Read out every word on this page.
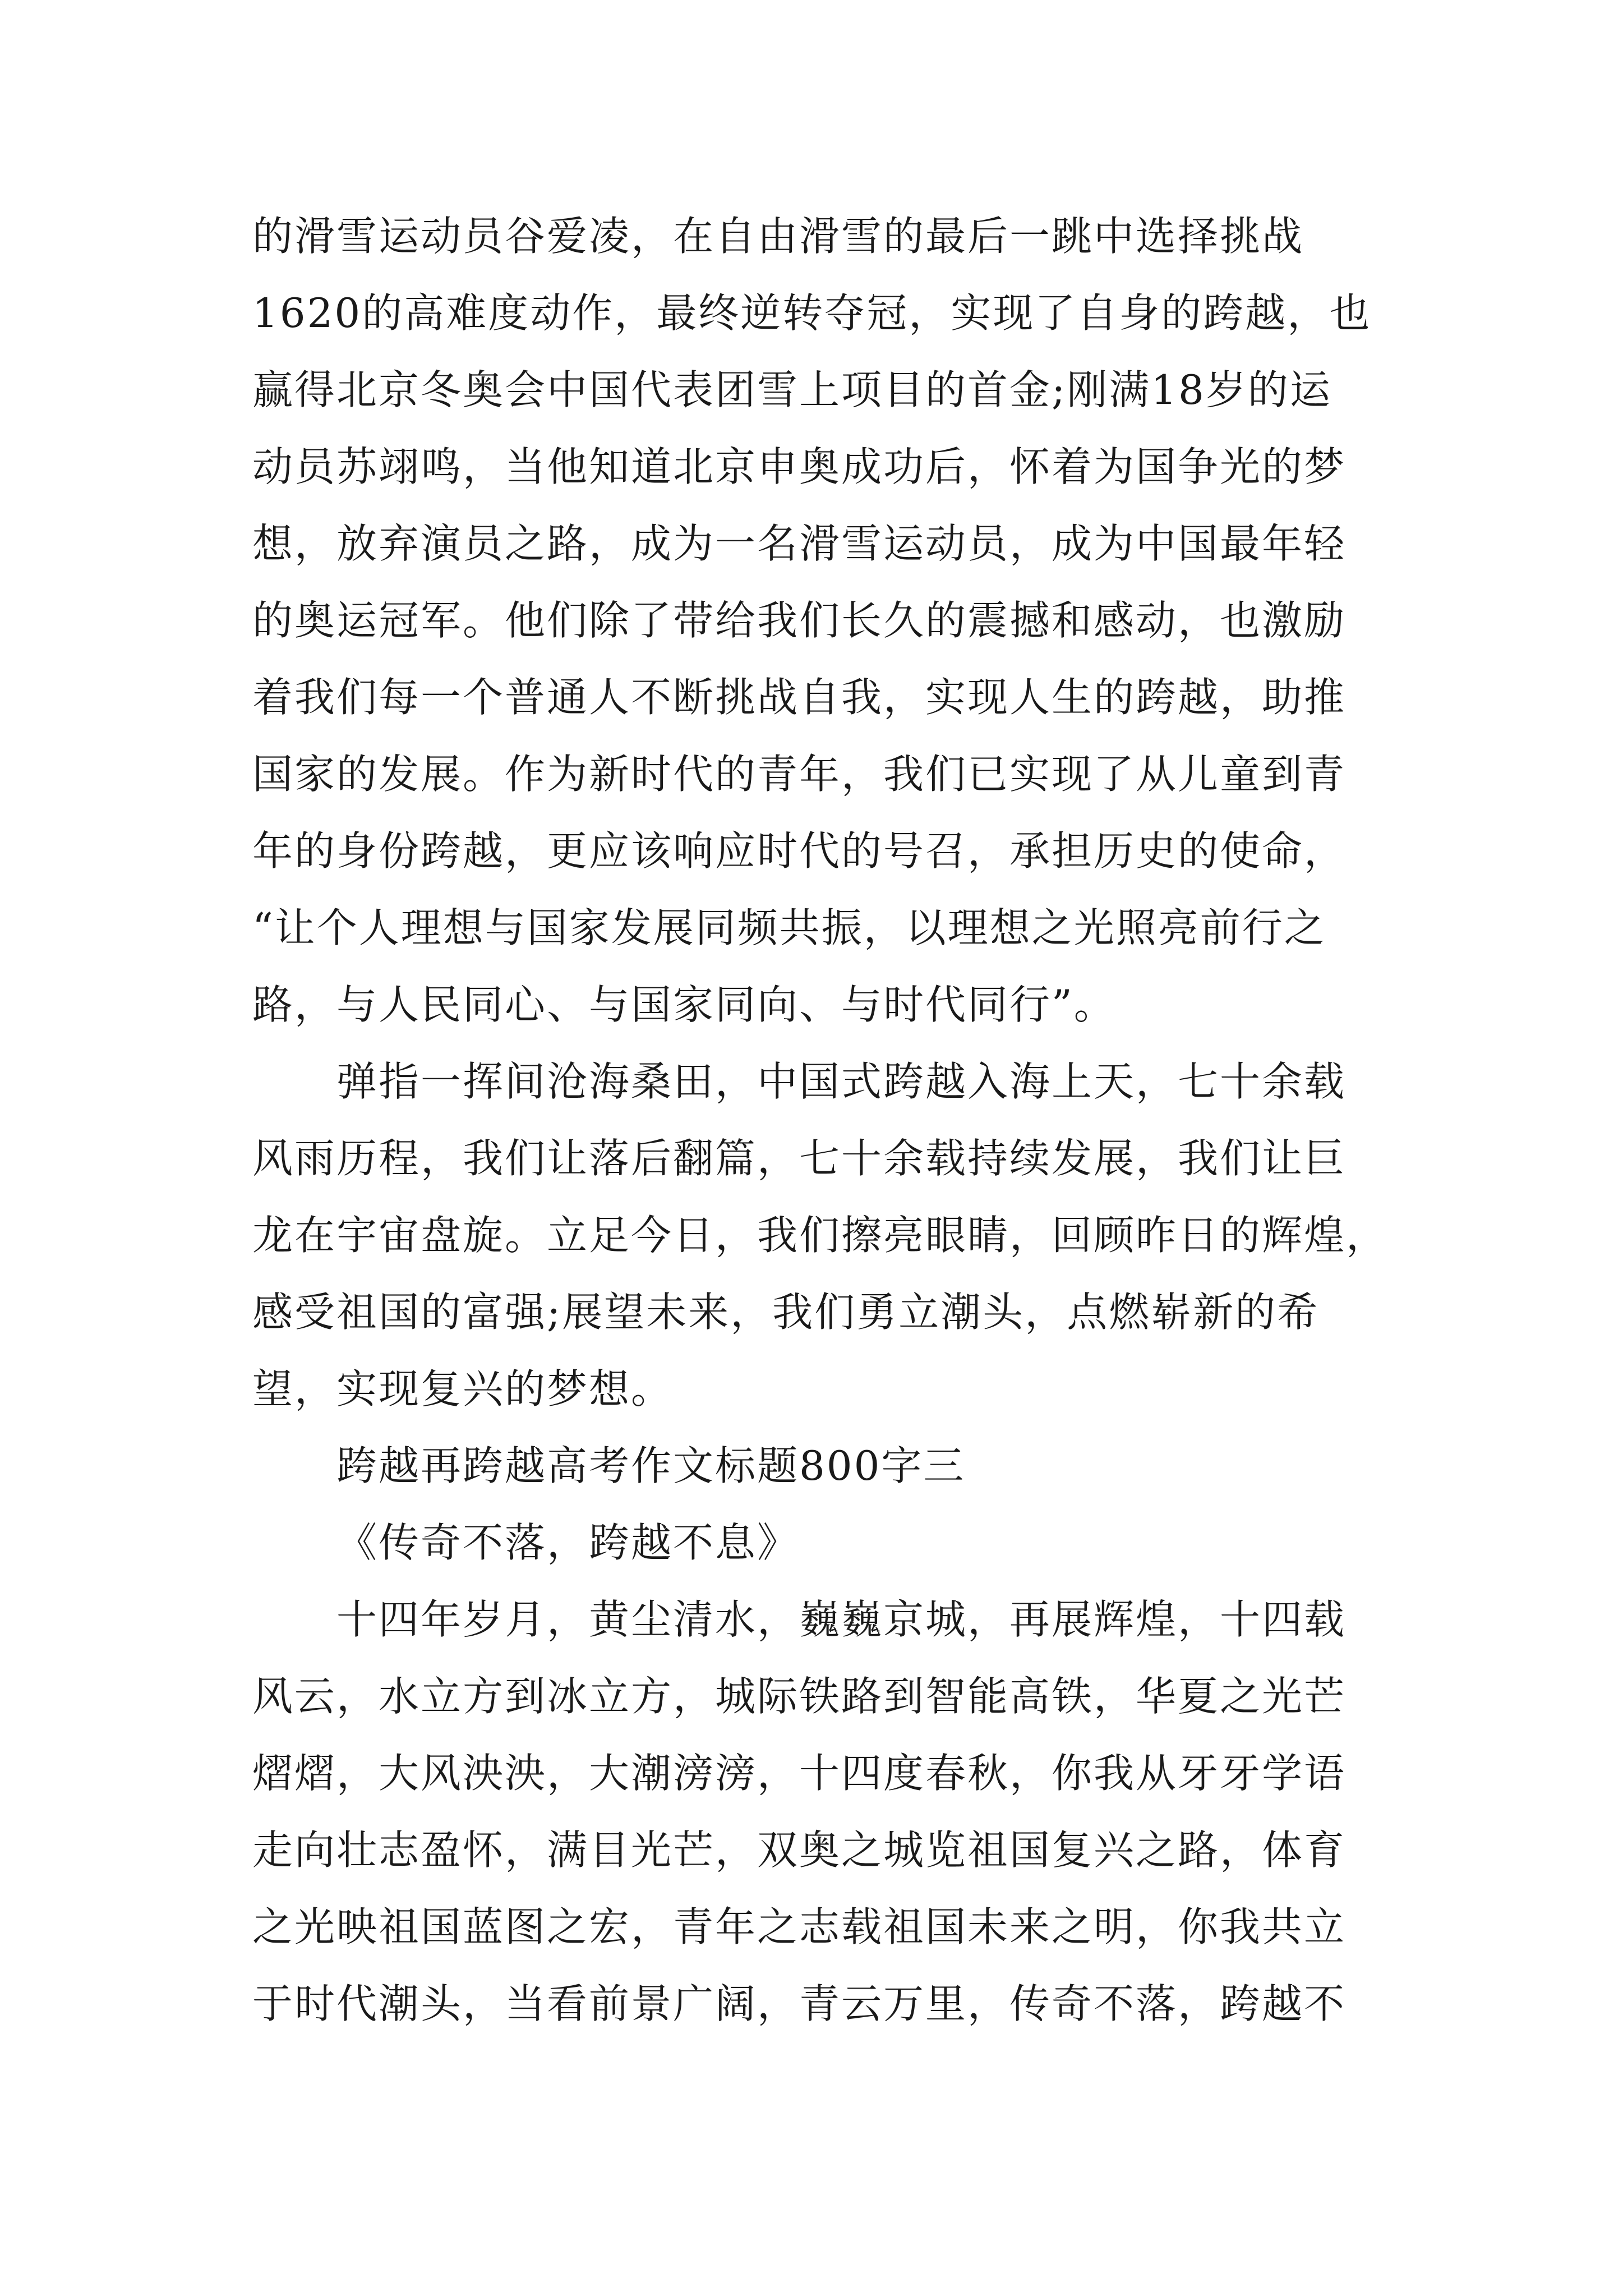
的滑雪运动员谷爱凌，在自由滑雪的最后一跳中选择挑战
1620的高难度动作，最终逆转夺冠，实现了自身的跨越，也
赢得北京冬奥会中国代表团雪上项目的首金;刚满18岁的运
动员苏翊鸣，当他知道北京申奥成功后，怀着为国争光的梦
想，放弃演员之路，成为一名滑雪运动员，成为中国最年轻
的奥运冠军。他们除了带给我们长久的震撼和感动，也激励
着我们每一个普通人不断挑战自我，实现人生的跨越，助推
国家的发展。作为新时代的青年，我们已实现了从儿童到青
年的身份跨越，更应该响应时代的号召，承担历史的使命，
“让个人理想与国家发展同频共振，以理想之光照亮前行之
路，与人民同心、与国家同向、与时代同行”。
弹指一挥间沧海桑田，中国式跨越入海上天，七十余载
风雨历程，我们让落后翻篇，七十余载持续发展，我们让巨
龙在宇宙盘旋。立足今日，我们擦亮眼睛，回顾昨日的辉煌，
感受祖国的富强;展望未来，我们勇立潮头，点燃崭新的希
望，实现复兴的梦想。
跨越再跨越高考作文标题800字三
《传奇不落，跨越不息》
十四年岁月，黄尘清水，巍巍京城，再展辉煌，十四载
风云，水立方到冰立方，城际铁路到智能高铁，华夏之光芒
熠熠，大风泱泱，大潮滂滂，十四度春秋，你我从牙牙学语
走向壮志盈怀，满目光芒，双奥之城览祖国复兴之路，体育
之光映祖国蓝图之宏，青年之志载祖国未来之明，你我共立
于时代潮头，当看前景广阔，青云万里，传奇不落，跨越不
